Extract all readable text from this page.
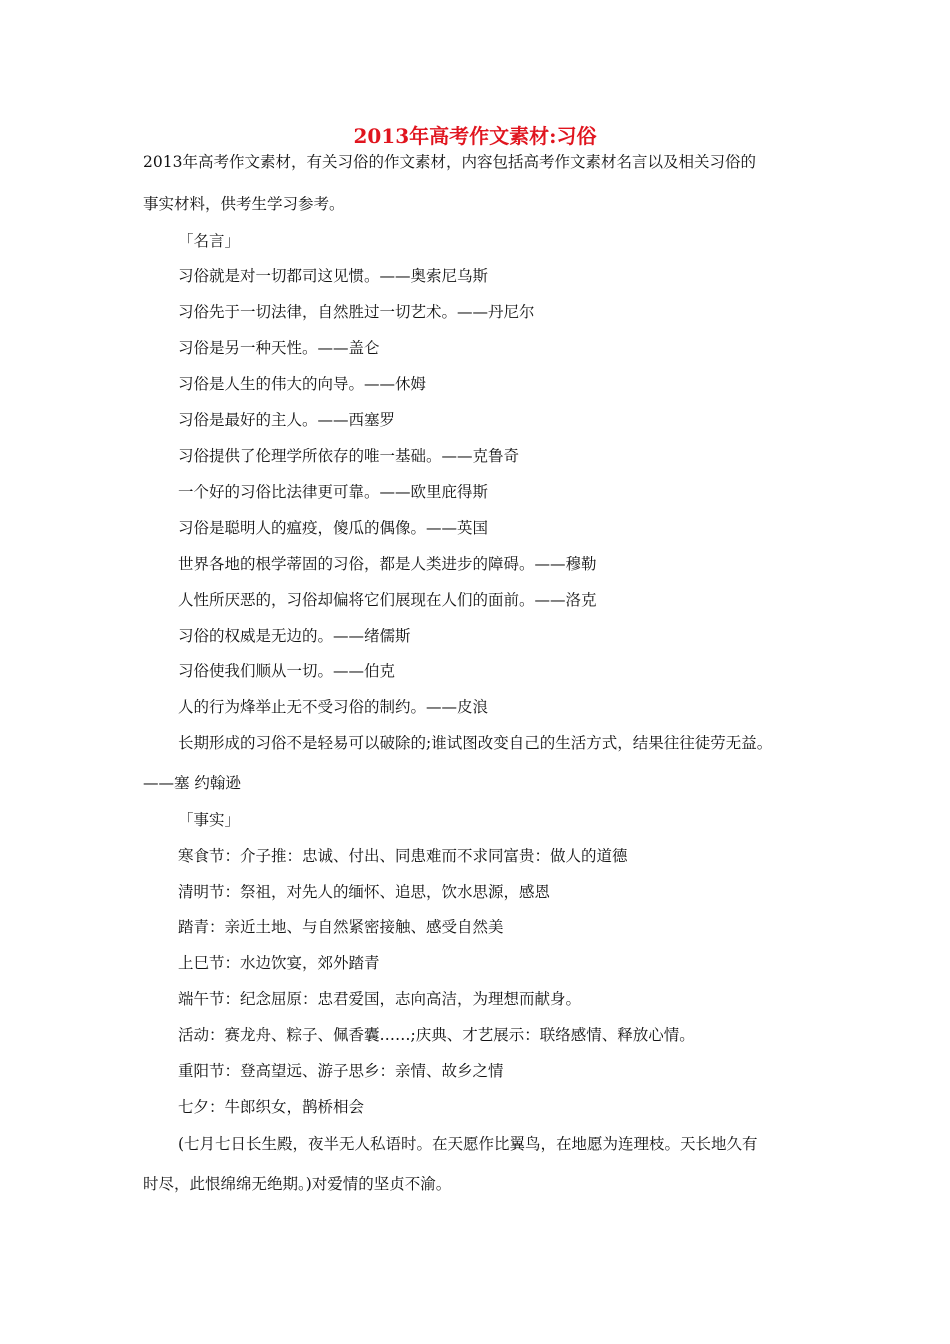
2013年高考作文素材:习俗
2013年高考作文素材，有关习俗的作文素材，内容包括高考作文素材名言以及相关习俗的
事实材料，供考生学习参考。
「名言」
习俗就是对一切都司这见惯。——奥索尼乌斯
习俗先于一切法律，自然胜过一切艺术。——丹尼尔
习俗是另一种天性。——盖仑
习俗是人生的伟大的向导。——休姆
习俗是最好的主人。——西塞罗
习俗提供了伦理学所依存的唯一基础。——克鲁奇
一个好的习俗比法律更可靠。——欧里庇得斯
习俗是聪明人的瘟疫，傻瓜的偶像。——英国
世界各地的根学蒂固的习俗，都是人类进步的障碍。——穆勒
人性所厌恶的，习俗却偏将它们展现在人们的面前。——洛克
习俗的权威是无边的。——绪儒斯
习俗使我们顺从一切。——伯克
人的行为烽举止无不受习俗的制约。——皮浪
长期形成的习俗不是轻易可以破除的;谁试图改变自己的生活方式，结果往往徒劳无益。
——塞 约翰逊
「事实」
寒食节：介子推：忠诚、付出、同患难而不求同富贵：做人的道德
清明节：祭祖，对先人的缅怀、追思，饮水思源，感恩
踏青：亲近土地、与自然紧密接触、感受自然美
上巳节：水边饮宴，郊外踏青
端午节：纪念屈原：忠君爱国，志向高洁，为理想而献身。
活动：赛龙舟、粽子、佩香囊……;庆典、才艺展示：联络感情、释放心情。
重阳节：登高望远、游子思乡：亲情、故乡之情
七夕：牛郎织女，鹊桥相会
(七月七日长生殿，夜半无人私语时。在天愿作比翼鸟，在地愿为连理枝。天长地久有
时尽，此恨绵绵无绝期。)对爱情的坚贞不渝。
